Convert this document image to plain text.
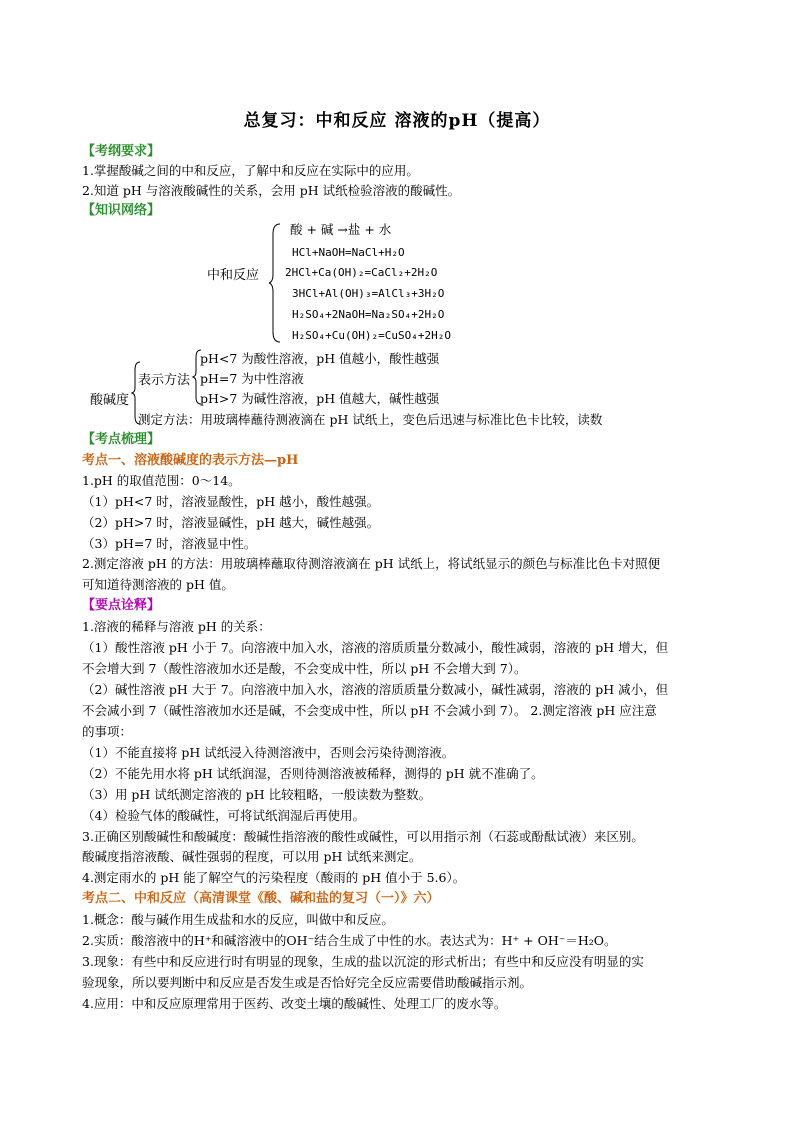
总复习：中和反应 溶液的pH（提高）
【考纲要求】
1.掌握酸碱之间的中和反应，了解中和反应在实际中的应用。
2.知道 pH 与溶液酸碱性的关系，会用 pH 试纸检验溶液的酸碱性。
【知识网络】
中和反应
酸 + 碱 →盐 + 水
HCl+NaOH=NaCl+H₂O
2HCl+Ca(OH)₂=CaCl₂+2H₂O
3HCl+Al(OH)₃=AlCl₃+3H₂O
H₂SO₄+2NaOH=Na₂SO₄+2H₂O
H₂SO₄+Cu(OH)₂=CuSO₄+2H₂O
酸碱度
表示方法
pH<7 为酸性溶液，pH 值越小，酸性越强
pH=7 为中性溶液
pH>7 为碱性溶液，pH 值越大，碱性越强
测定方法：用玻璃棒蘸待测液滴在 pH 试纸上，变色后迅速与标准比色卡比较，读数
【考点梳理】
考点一、溶液酸碱度的表示方法—pH
1.pH 的取值范围：0～14。
（1）pH<7 时，溶液显酸性，pH 越小，酸性越强。
（2）pH>7 时，溶液显碱性，pH 越大，碱性越强。
（3）pH=7 时，溶液显中性。
2.测定溶液 pH 的方法：用玻璃棒蘸取待测溶液滴在 pH 试纸上，将试纸显示的颜色与标准比色卡对照便
可知道待测溶液的 pH 值。
【要点诠释】
1.溶液的稀释与溶液 pH 的关系：
（1）酸性溶液 pH 小于 7。向溶液中加入水，溶液的溶质质量分数减小，酸性减弱，溶液的 pH 增大，但
不会增大到 7（酸性溶液加水还是酸，不会变成中性，所以 pH 不会增大到 7）。
（2）碱性溶液 pH 大于 7。向溶液中加入水，溶液的溶质质量分数减小，碱性减弱，溶液的 pH 减小，但
不会减小到 7（碱性溶液加水还是碱，不会变成中性，所以 pH 不会减小到 7）。 2.测定溶液 pH 应注意
的事项：
（1）不能直接将 pH 试纸浸入待测溶液中，否则会污染待测溶液。
（2）不能先用水将 pH 试纸润湿，否则待测溶液被稀释，测得的 pH 就不准确了。
（3）用 pH 试纸测定溶液的 pH 比较粗略，一般读数为整数。
（4）检验气体的酸碱性，可将试纸润湿后再使用。
3.正确区别酸碱性和酸碱度：酸碱性指溶液的酸性或碱性，可以用指示剂（石蕊或酚酞试液）来区别。
酸碱度指溶液酸、碱性强弱的程度，可以用 pH 试纸来测定。
4.测定雨水的 pH 能了解空气的污染程度（酸雨的 pH 值小于 5.6）。
考点二、中和反应（高清课堂《酸、碱和盐的复习（一）》六）
1.概念：酸与碱作用生成盐和水的反应，叫做中和反应。
2.实质：酸溶液中的H⁺和碱溶液中的OH⁻结合生成了中性的水。表达式为：H⁺ + OH⁻＝H₂O。
3.现象：有些中和反应进行时有明显的现象，生成的盐以沉淀的形式析出；有些中和反应没有明显的实
验现象，所以要判断中和反应是否发生或是否恰好完全反应需要借助酸碱指示剂。
4.应用：中和反应原理常用于医药、改变土壤的酸碱性、处理工厂的废水等。
